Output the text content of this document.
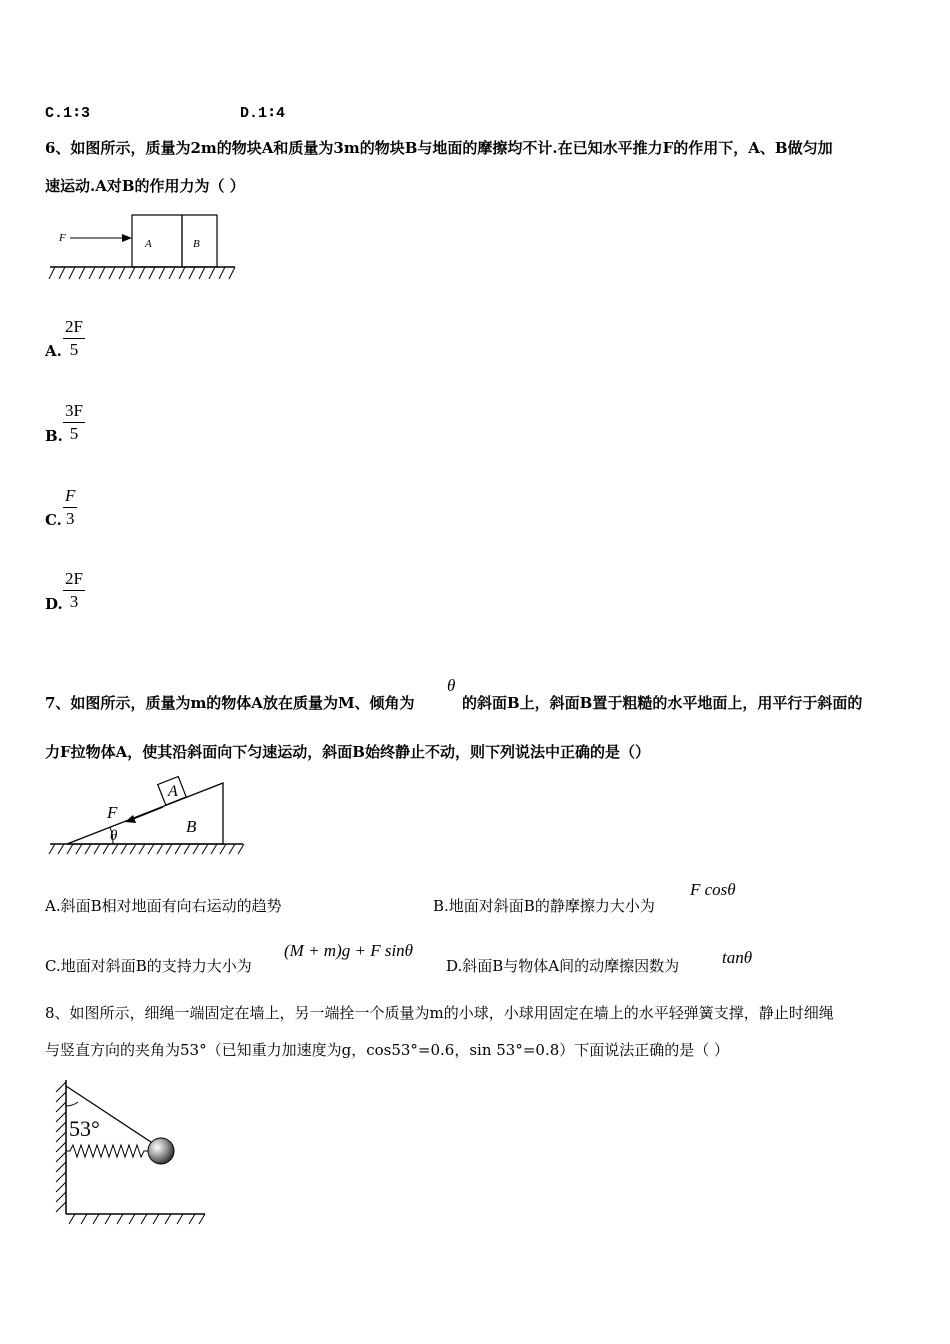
C.1∶3	D.1∶4
6、如图所示，质量为2m的物块A和质量为3m的物块B与地面的摩擦均不计.在已知水平推力F的作用下，A、B做匀加
速运动.A对B的作用力为（ ）
F	A	B
A. $\frac{2F}{5}$
B. $\frac{3F}{5}$
C. $\frac{F}{3}$
D. $\frac{2F}{3}$
7、如图所示，质量为m的物体A放在质量为M、倾角为
θ
的斜面B上，斜面B置于粗糙的水平地面上，用平行于斜面的
力F拉物体A，使其沿斜面向下匀速运动，斜面B始终静止不动，则下列说法中正确的是（）
A
F
θ	B
A.斜面B相对地面有向右运动的趋势	B.地面对斜面B的静摩擦力大小为
F cosθ
C.地面对斜面B的支持力大小为
(M + m)g + F sinθ
D.斜面B与物体A间的动摩擦因数为	tanθ
8、如图所示，细绳一端固定在墙上，另一端拴一个质量为m的小球，小球用固定在墙上的水平轻弹簧支撑，静止时细绳
与竖直方向的夹角为53°（已知重力加速度为g，cos53°=0.6，sin 53°=0.8）下面说法正确的是（ ）
53°
